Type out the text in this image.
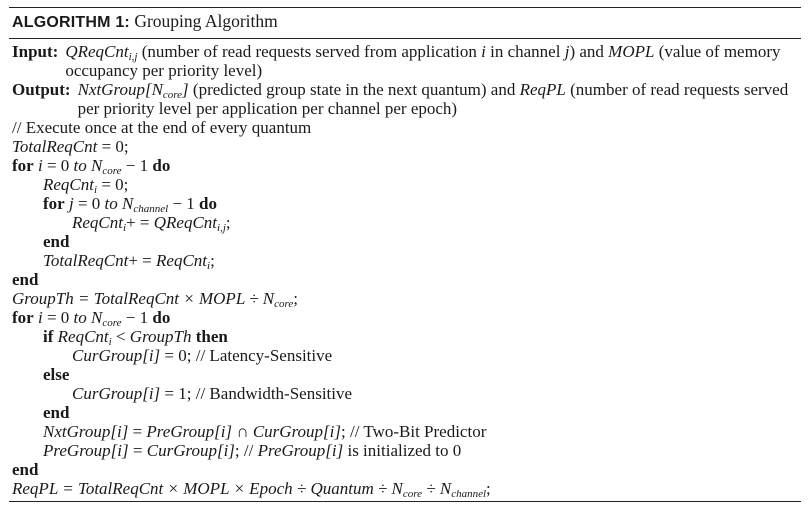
ALGORITHM 1: Grouping Algorithm
Input: QReqCnt$_{i,j}$ (number of read requests served from application i in channel j) and MOPL (value of memory occupancy per priority level)
Output: $NxtGroup[N_{core}]$ (predicted group state in the next quantum) and ReqPL (number of read requests served per priority level per application per channel per epoch)
// Execute once at the end of every quantum
TotalReqCnt = 0;
for i = 0 to $N_{core} - 1$ do
ReqCnt$_i$ = 0;
for j = 0 to $N_{channel} - 1$ do
ReqCnt$_i$+ = QReqCnt$_{i,j}$;
end
TotalReqCnt+ = ReqCnt$_i$;
end
GroupTh = TotalReqCnt × MOPL ÷ $N_{core}$;
for i = 0 to $N_{core} - 1$ do
if ReqCnt$_i$ < GroupTh then
CurGroup[i] = 0; // Latency-Sensitive
else
CurGroup[i] = 1; // Bandwidth-Sensitive
end
NxtGroup[i] = PreGroup[i] ∩ CurGroup[i]; // Two-Bit Predictor
PreGroup[i] = CurGroup[i]; // PreGroup[i] is initialized to 0
end
ReqPL = TotalReqCnt × MOPL × Epoch ÷ Quantum ÷ $N_{core} \div N_{channel}$;
